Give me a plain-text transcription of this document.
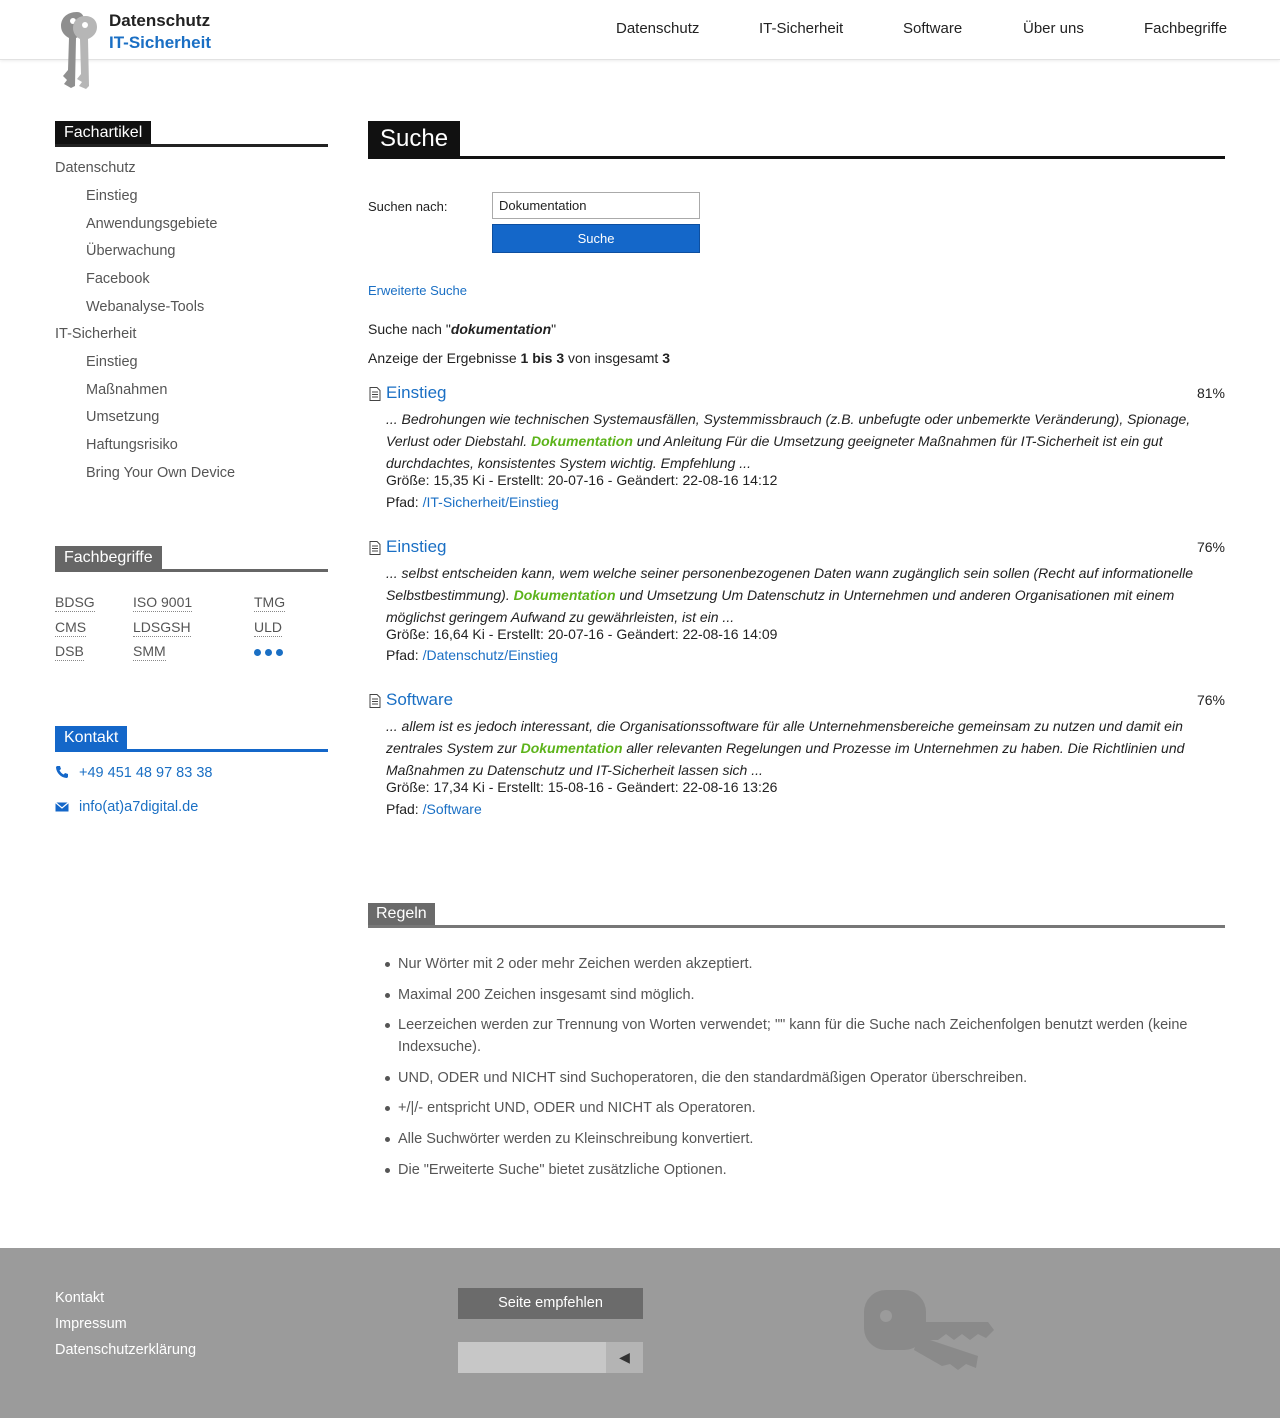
Datenschutz
IT-Sicherheit
Datenschutz	IT-Sicherheit	Software	Über uns	Fachbegriffe
Fachartikel
Datenschutz
Einstieg
Anwendungsgebiete
Überwachung
Facebook
Webanalyse-Tools
IT-Sicherheit
Einstieg
Maßnahmen
Umsetzung
Haftungsrisiko
Bring Your Own Device
Fachbegriffe
BDSG	ISO 9001	TMG
CMS	LDSGSH	ULD
DSB	SMM
Kontakt
+49 451 48 97 83 38
info(at)a7digital.de
Suche
Suchen nach:
Dokumentation
Suche
Erweiterte Suche
Suche nach "dokumentation"
Anzeige der Ergebnisse 1 bis 3 von insgesamt 3
Einstieg	81%
... Bedrohungen wie technischen Systemausfällen, Systemmissbrauch (z.B. unbefugte oder unbemerkte Veränderung), Spionage, Verlust oder Diebstahl. Dokumentation und Anleitung Für die Umsetzung geeigneter Maßnahmen für IT-Sicherheit ist ein gut durchdachtes, konsistentes System wichtig. Empfehlung ...
Größe: 15,35 Ki - Erstellt: 20-07-16 - Geändert: 22-08-16 14:12
Pfad: /IT-Sicherheit/Einstieg
Einstieg	76%
... selbst entscheiden kann, wem welche seiner personenbezogenen Daten wann zugänglich sein sollen (Recht auf informationelle Selbstbestimmung). Dokumentation und Umsetzung Um Datenschutz in Unternehmen und anderen Organisationen mit einem möglichst geringem Aufwand zu gewährleisten, ist ein ...
Größe: 16,64 Ki - Erstellt: 20-07-16 - Geändert: 22-08-16 14:09
Pfad: /Datenschutz/Einstieg
Software	76%
... allem ist es jedoch interessant, die Organisationssoftware für alle Unternehmensbereiche gemeinsam zu nutzen und damit ein zentrales System zur Dokumentation aller relevanten Regelungen und Prozesse im Unternehmen zu haben. Die Richtlinien und Maßnahmen zu Datenschutz und IT-Sicherheit lassen sich ...
Größe: 17,34 Ki - Erstellt: 15-08-16 - Geändert: 22-08-16 13:26
Pfad: /Software
Regeln
Nur Wörter mit 2 oder mehr Zeichen werden akzeptiert.
Maximal 200 Zeichen insgesamt sind möglich.
Leerzeichen werden zur Trennung von Worten verwendet; "" kann für die Suche nach Zeichenfolgen benutzt werden (keine Indexsuche).
UND, ODER und NICHT sind Suchoperatoren, die den standardmäßigen Operator überschreiben.
+/|/- entspricht UND, ODER und NICHT als Operatoren.
Alle Suchwörter werden zu Kleinschreibung konvertiert.
Die "Erweiterte Suche" bietet zusätzliche Optionen.
Kontakt
Impressum
Datenschutzerklärung
Seite empfehlen
◀
